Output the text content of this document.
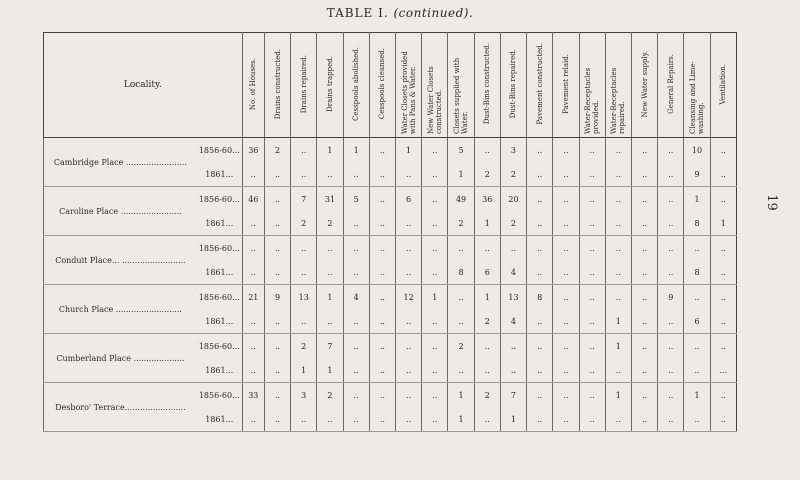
TABLE I. (continued).
19
Locality.		No. of Houses.	Drains constructed.	Drains repaired.	Drains trapped.	Cesspools abolished.	Cesspools cleansed.	Water Closets provided with Pans & Water.	New Water Closets constructed.	Closets supplied with Water.	Dust-Bins constructed.	Dust-Bins repaired.	Pavement constructed.	Pavement relaid.	Water-Receptacles provided.	Water-Receptacles repaired.	New Water supply.	General Repairs.	Cleansing and Lime-washing.	Ventilation.
Cambridge Place ........................	1856-60...	36	2	..	1	1	..	1	..	5	..	3	..	..	..	..	..	..	10	..
	1861...	..	..	..	..	..	..	..	..	1	2	2	..	..	..	..	..	..	9	..
Caroline Place ........................	1856-60...	46	..	7	31	5	..	6	..	49	36	20	..	..	..	..	..	..	1	..
	1861...	..	..	2	2	..	..	..	..	2	1	2	..	..	..	..	..	..	8	1
Conduit Place... .........................	1856-60...	..	..	..	..	..	..	..	..	..	..	..	..	..	..	..	..	..	..	..
	1861...	..	..	..	..	..	..	..	..	8	6	4	..	..	..	..	..	..	8	..
Church Place ..........................	1856-60...	21	9	13	1	4	..	12	1	..	1	13	8	..	..	..	..	9	..	..
	1861...	..	..	..	..	..	..	..	..	..	2	4	..	..	..	1	..	..	6	..
Cumberland Place ....................	1856-60...	..	..	2	7	..	..	..	..	2	..	..	..	..	..	1	..	..	..	..
	1861...	..	..	1	1	..	..	..	..	..	..	..	..	..	..	..	..	..	..	...
Desboro' Terrace........................	1856-60...	33	..	3	2	..	..	..	..	1	2	7	..	..	..	1	..	..	1	..
	1861...	..	..	..	..	..	..	..	..	1	..	1	..	..	..	..	..	..	..	..
